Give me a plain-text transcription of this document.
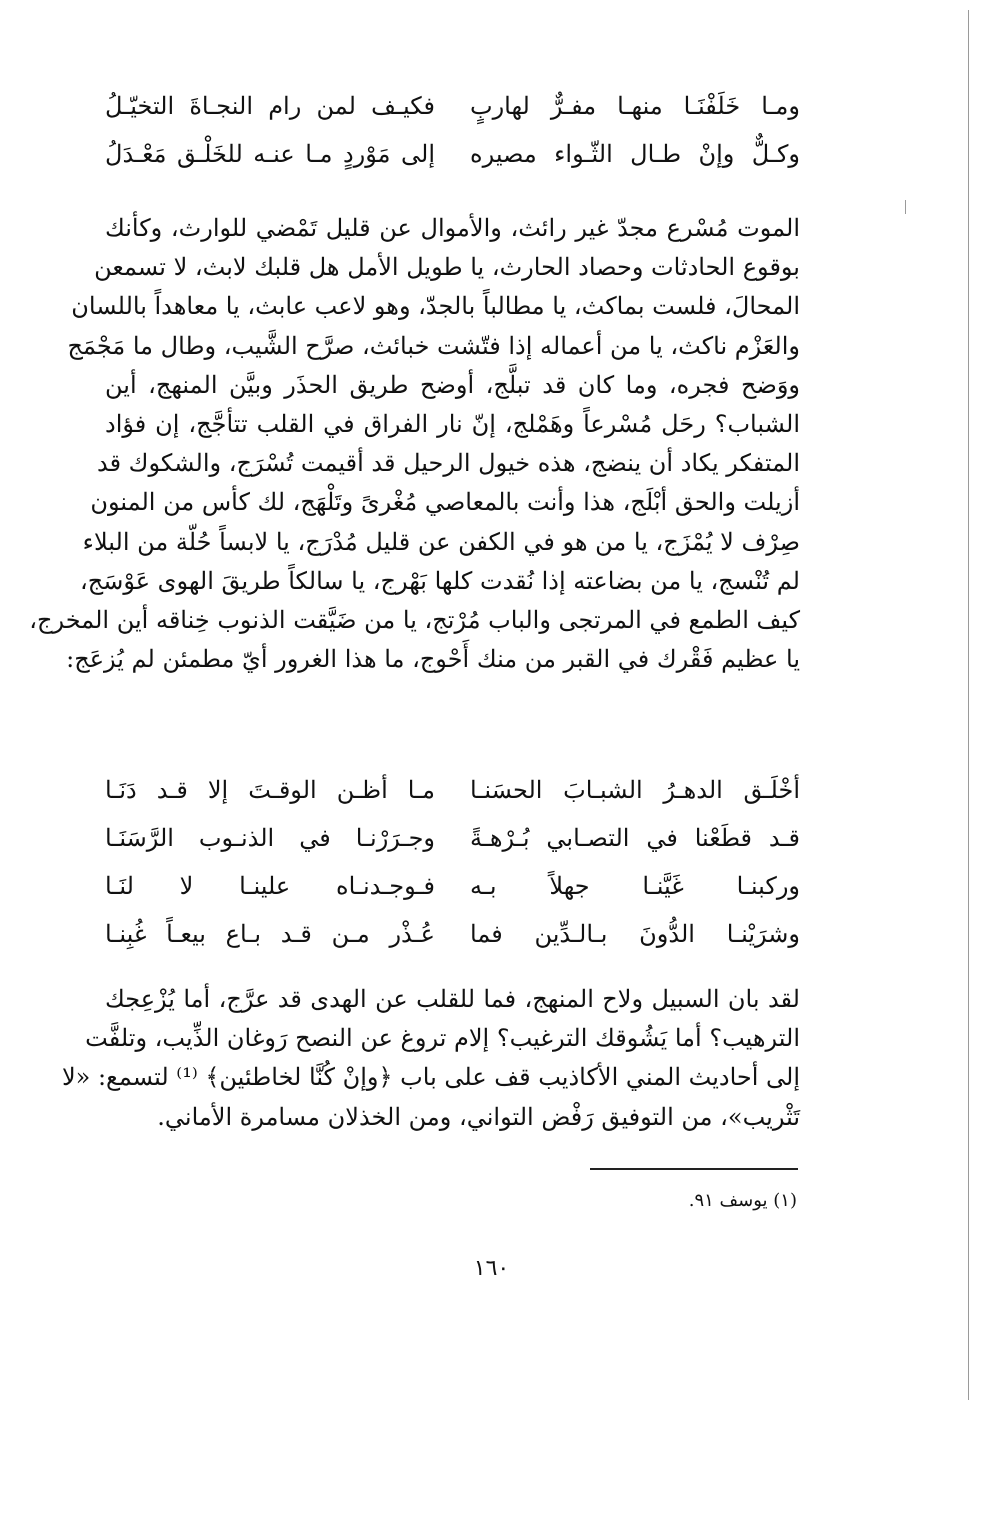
ومـا خَلَفْنَـا منهـا مفـرٌّ لهاربٍ
فكيـف لمن رام النجـاةَ التخيّـلُ
وكـلٌّ وإنْ طـال الثّـواء مصيره
إلى مَوْردٍ مـا عنـه للخَلْـق مَعْـدَلُ
الموت مُسْرع مجدّ غير رائث، والأموال عن قليل تَمْضي للوارث، وكأنك
بوقوع الحادثات وحصاد الحارث، يا طويل الأمل هل قلبك لابث، لا تسمعن
المحالَ، فلست بماكث، يا مطالباً بالجدّ، وهو لاعب عابث، يا معاهداً باللسان
والعَزْم ناكث، يا من أعماله إذا فتّشت خبائث، صرَّح الشَّيب، وطال ما مَجْمَج
ووَضح فجره، وما كان قد تبلَّج، أوضح طريق الحذَر وبيَّن المنهج، أين
الشباب؟ رحَل مُسْرعاً وهَمْلج، إنّ نار الفراق في القلب تتأجَّج، إن فؤاد
المتفكر يكاد أن ينضج، هذه خيول الرحيل قد أقيمت تُسْرَج، والشكوك قد
أزيلت والحق أبْلَج، هذا وأنت بالمعاصي مُغْرىً وتَلْهَج، لك كأس من المنون
صِرْف لا يُمْزَج، يا من هو في الكفن عن قليل مُدْرَج، يا لابساً حُلّة من البلاء
لم تُنْسج، يا من بضاعته إذا نُقدت كلها بَهْرج، يا سالكاً طريقَ الهوى عَوْسَج،
كيف الطمع في المرتجى والباب مُرْتج، يا من ضَيَّقت الذنوب خِناقه أين المخرج،
يا عظيم فَقْرك في القبر من منك أَحْوج، ما هذا الغرور أيّ مطمئن لم يُزعَج:
أخْلَـق الدهـرُ الشبـابَ الحسَنـا
مـا أظـن الوقـتَ إلا قـد دَنَـا
قـد قطَعْنا في التصـابي بُـرْهـةً
وجـرَرْنـا في الذنـوب الرَّسَنَـا
وركبنـا غَيَّنـا جهلاً بـه
فـوجـدنـاه علينـا لا لنَـا
وشرَيْنـا الدُّونَ بـالـدِّين فما
عُـذْر مـن قـد بـاع بيعـاً غُبِنـا
لقد بان السبيل ولاح المنهج، فما للقلب عن الهدى قد عرَّج، أما يُزْعِجك
الترهيب؟ أما يَشُوقك الترغيب؟ إلام تروغ عن النصح رَوغان الذِّيب، وتلفَّت
إلى أحاديث المني الأكاذيب قف على باب ﴿وإنْ كُنَّا لخاطئين﴾ ⁽¹⁾ لتسمع: «لا
تَثْريب»، من التوفيق رَفْض التواني، ومن الخذلان مسامرة الأماني.
(١) يوسف ٩١.
١٦٠
